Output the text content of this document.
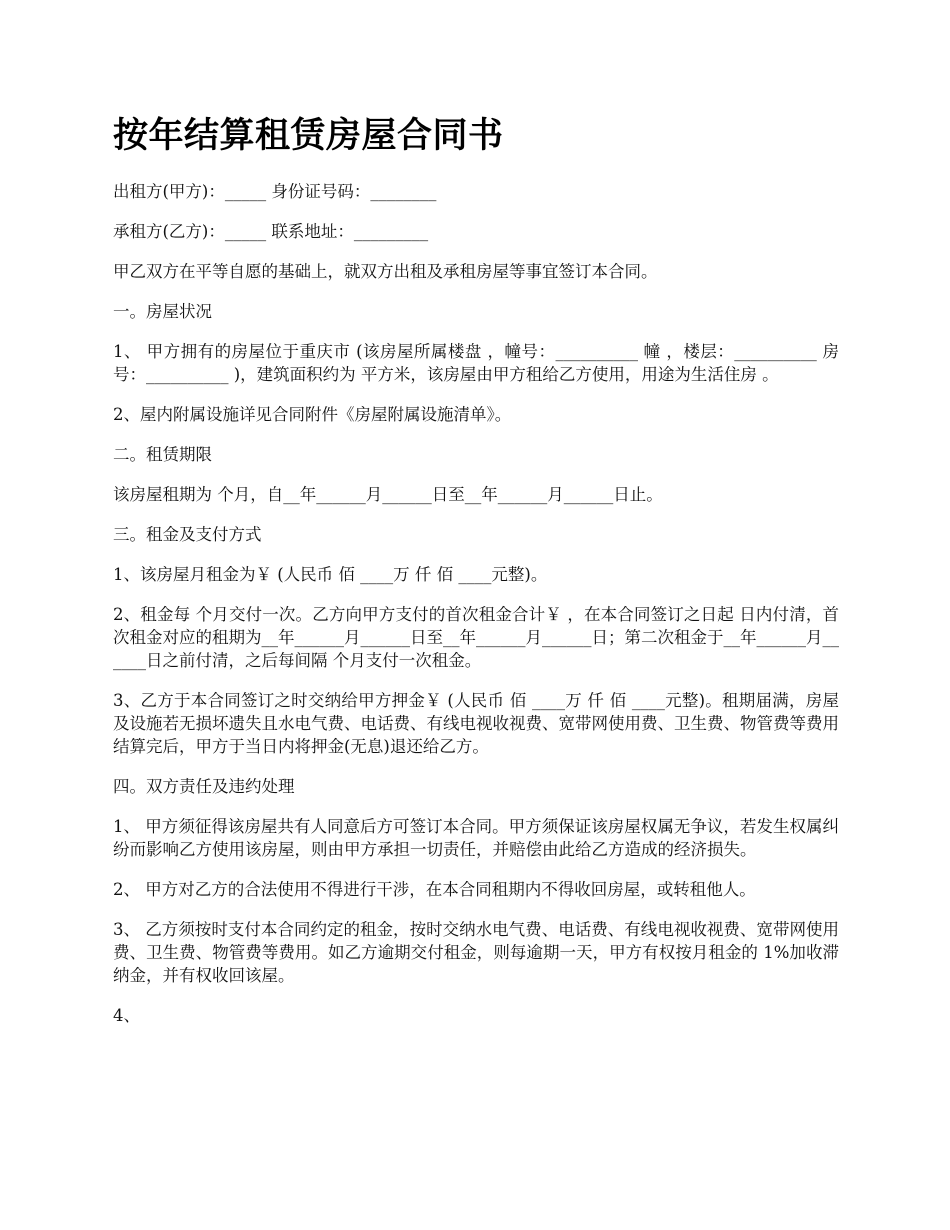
按年结算租赁房屋合同书

出租方(甲方)：_____ 身份证号码：________

承租方(乙方)：_____ 联系地址：_________

甲乙双方在平等自愿的基础上，就双方出租及承租房屋等事宜签订本合同。

一。房屋状况

1、 甲方拥有的房屋位于重庆市 (该房屋所属楼盘 ，幢号：__________ 幢 ，楼层：__________ 房号：__________ )，建筑面积约为 平方米，该房屋由甲方租给乙方使用，用途为生活住房 。

2、屋内附属设施详见合同附件《房屋附属设施清单》。

二。租赁期限

该房屋租期为 个月，自__年______月______日至__年______月______日止。

三。租金及支付方式

1、该房屋月租金为￥ (人民币 佰 ____万 仟 佰 ____元整)。

2、租金每 个月交付一次。乙方向甲方支付的首次租金合计￥ ，在本合同签订之日起 日内付清，首次租金对应的租期为__年______月______日至__年______月______日；第二次租金于__年______月______日之前付清，之后每间隔 个月支付一次租金。

3、乙方于本合同签订之时交纳给甲方押金￥ (人民币 佰 ____万 仟 佰 ____元整)。租期届满，房屋及设施若无损坏遗失且水电气费、电话费、有线电视收视费、宽带网使用费、卫生费、物管费等费用结算完后，甲方于当日内将押金(无息)退还给乙方。

四。双方责任及违约处理

1、 甲方须征得该房屋共有人同意后方可签订本合同。甲方须保证该房屋权属无争议，若发生权属纠纷而影响乙方使用该房屋，则由甲方承担一切责任，并赔偿由此给乙方造成的经济损失。

2、 甲方对乙方的合法使用不得进行干涉，在本合同租期内不得收回房屋，或转租他人。

3、 乙方须按时支付本合同约定的租金，按时交纳水电气费、电话费、有线电视收视费、宽带网使用费、卫生费、物管费等费用。如乙方逾期交付租金，则每逾期一天，甲方有权按月租金的 1%加收滞纳金，并有权收回该屋。

4、
